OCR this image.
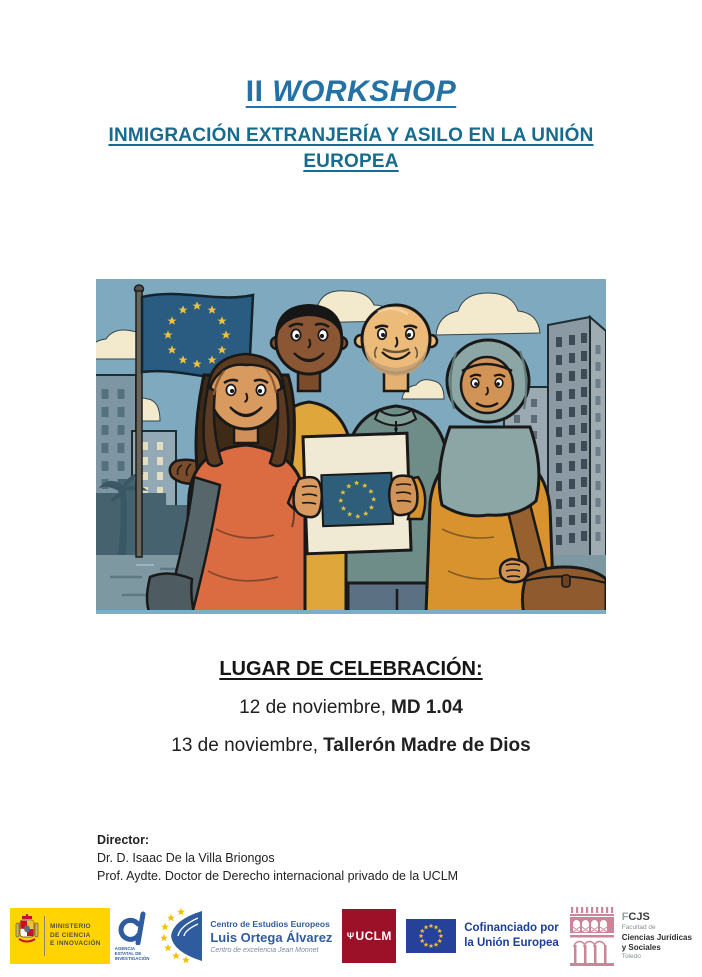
II WORKSHOP
INMIGRACIÓN EXTRANJERÍA Y ASILO EN LA UNIÓN
EUROPEA
LUGAR DE CELEBRACIÓN:
12 de noviembre, MD 1.04
13 de noviembre, Tallerón Madre de Dios
Director:
Dr. D. Isaac De la Villa Briongos
Prof. Aydte. Doctor de Derecho internacional privado de la UCLM
MINISTERIO
DE CIENCIA
E INNOVACIÓN
AGENCIA
ESTATAL DE
INVESTIGACIÓN
Centro de Estudios Europeos
Luis Ortega Álvarez
Centro de excelencia Jean Monnet
Ψ UCLM
Cofinanciado por
la Unión Europea
FCJS
Facultad de
Ciencias Jurídicas
y Sociales
Toledo
